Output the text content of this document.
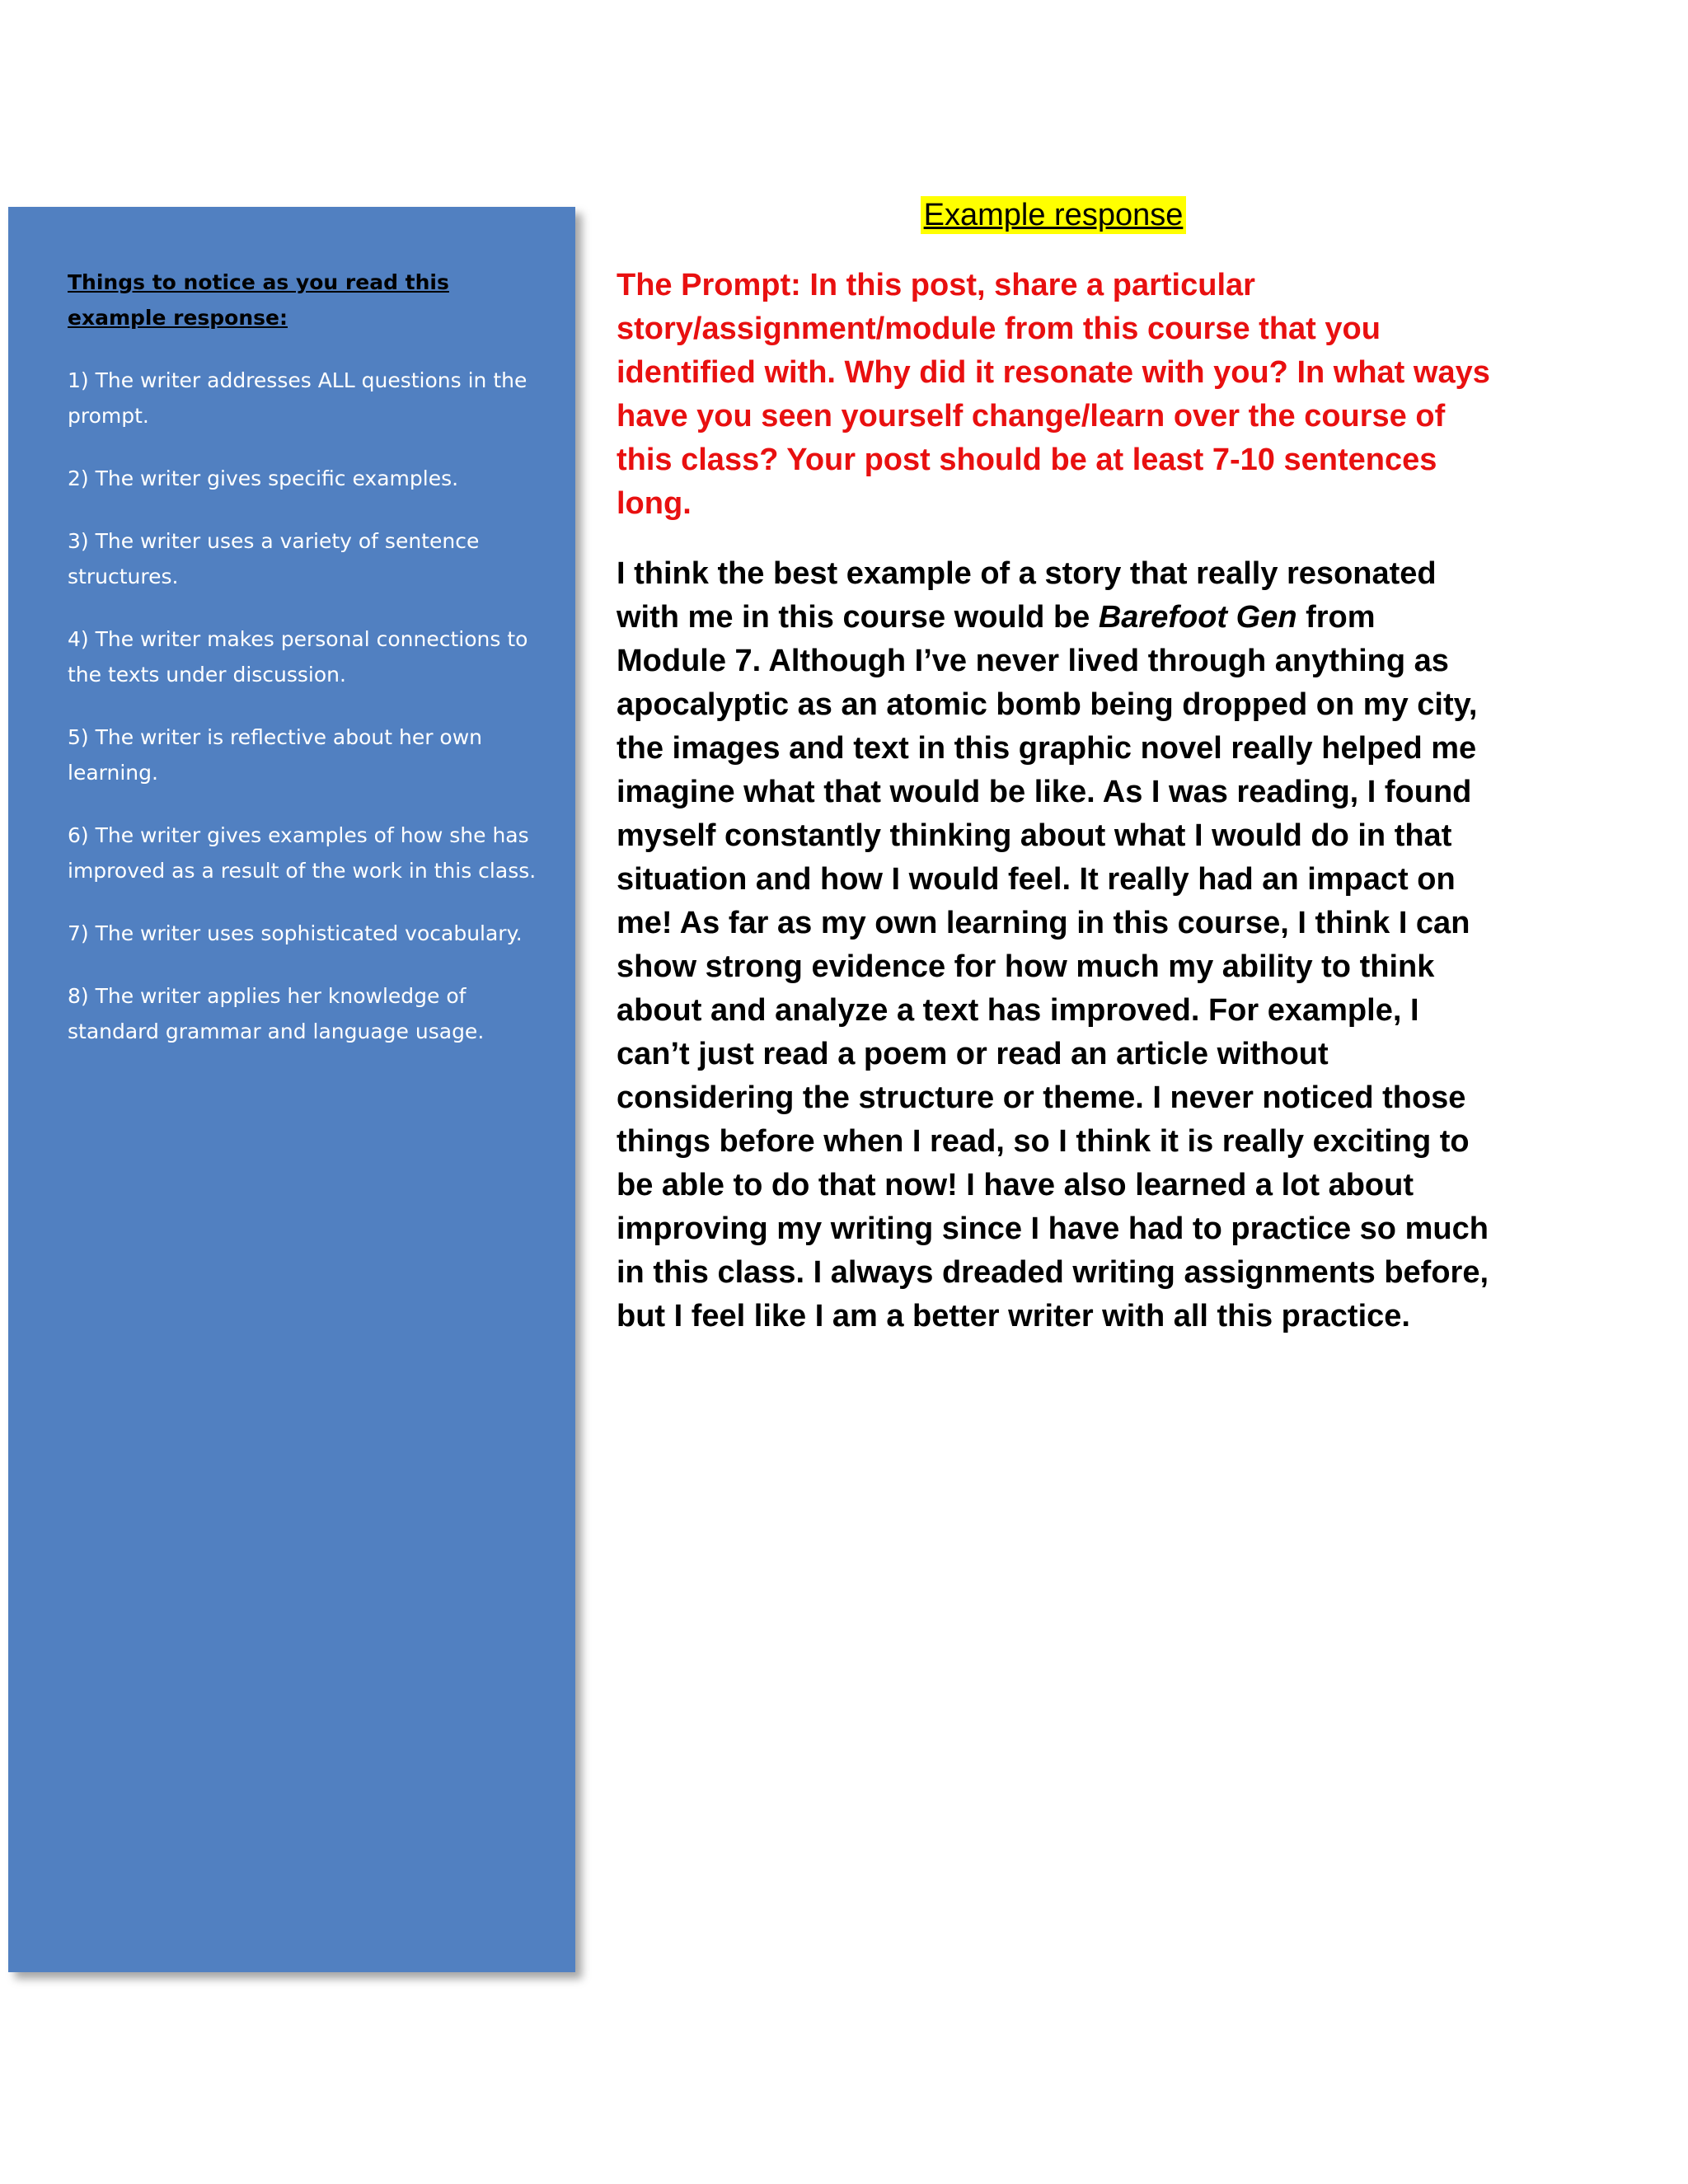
Things to notice as you read this example response:

1) The writer addresses ALL questions in the prompt.

2) The writer gives specific examples.

3) The writer uses a variety of sentence structures.

4) The writer makes personal connections to the texts under discussion.

5) The writer is reflective about her own learning.

6) The writer gives examples of how she has improved as a result of the work in this class.

7) The writer uses sophisticated vocabulary.

8) The writer applies her knowledge of standard grammar and language usage.

Example response

The Prompt: In this post, share a particular story/assignment/module from this course that you identified with. Why did it resonate with you? In what ways have you seen yourself change/learn over the course of this class? Your post should be at least 7-10 sentences long.

I think the best example of a story that really resonated with me in this course would be Barefoot Gen from Module 7. Although I’ve never lived through anything as apocalyptic as an atomic bomb being dropped on my city, the images and text in this graphic novel really helped me imagine what that would be like. As I was reading, I found myself constantly thinking about what I would do in that situation and how I would feel. It really had an impact on me! As far as my own learning in this course, I think I can show strong evidence for how much my ability to think about and analyze a text has improved. For example, I can’t just read a poem or read an article without considering the structure or theme. I never noticed those things before when I read, so I think it is really exciting to be able to do that now! I have also learned a lot about improving my writing since I have had to practice so much in this class. I always dreaded writing assignments before, but I feel like I am a better writer with all this practice.
